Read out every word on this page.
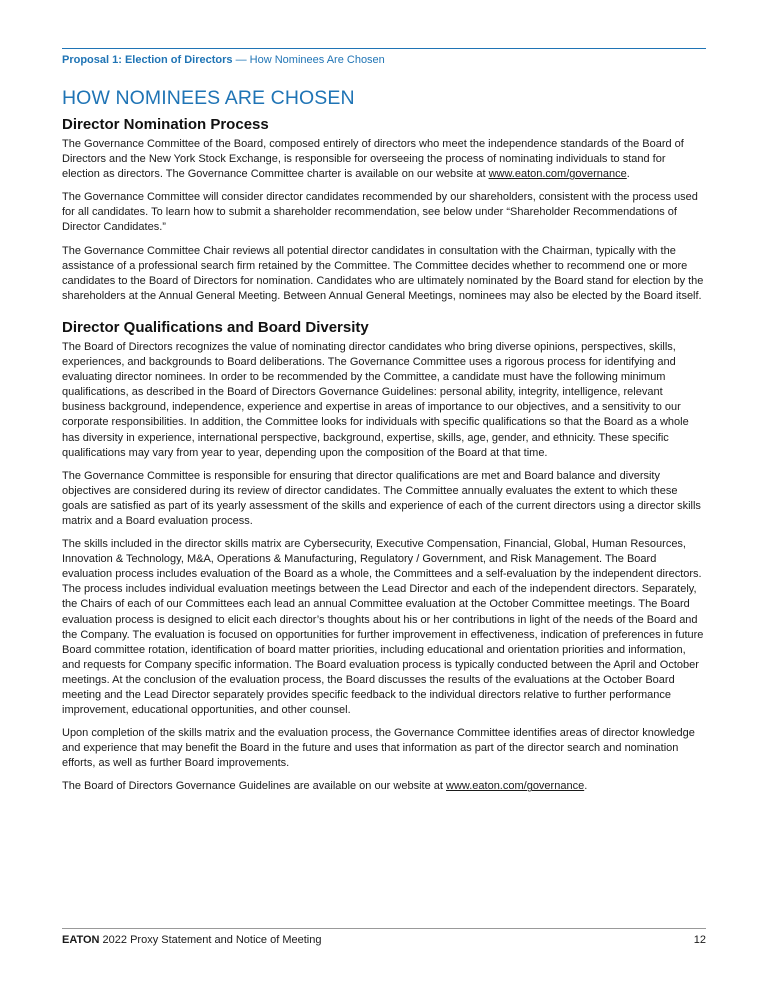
Proposal 1: Election of Directors — How Nominees Are Chosen
HOW NOMINEES ARE CHOSEN
Director Nomination Process

The Governance Committee of the Board, composed entirely of directors who meet the independence standards of the Board of Directors and the New York Stock Exchange, is responsible for overseeing the process of nominating individuals to stand for election as directors. The Governance Committee charter is available on our website at www.eaton.com/governance.

The Governance Committee will consider director candidates recommended by our shareholders, consistent with the process used for all candidates. To learn how to submit a shareholder recommendation, see below under “Shareholder Recommendations of Director Candidates.”

The Governance Committee Chair reviews all potential director candidates in consultation with the Chairman, typically with the assistance of a professional search firm retained by the Committee. The Committee decides whether to recommend one or more candidates to the Board of Directors for nomination. Candidates who are ultimately nominated by the Board stand for election by the shareholders at the Annual General Meeting. Between Annual General Meetings, nominees may also be elected by the Board itself.

Director Qualifications and Board Diversity

The Board of Directors recognizes the value of nominating director candidates who bring diverse opinions, perspectives, skills, experiences, and backgrounds to Board deliberations. The Governance Committee uses a rigorous process for identifying and evaluating director nominees. In order to be recommended by the Committee, a candidate must have the following minimum qualifications, as described in the Board of Directors Governance Guidelines: personal ability, integrity, intelligence, relevant business background, independence, experience and expertise in areas of importance to our objectives, and a sensitivity to our corporate responsibilities. In addition, the Committee looks for individuals with specific qualifications so that the Board as a whole has diversity in experience, international perspective, background, expertise, skills, age, gender, and ethnicity. These specific qualifications may vary from year to year, depending upon the composition of the Board at that time.

The Governance Committee is responsible for ensuring that director qualifications are met and Board balance and diversity objectives are considered during its review of director candidates. The Committee annually evaluates the extent to which these goals are satisfied as part of its yearly assessment of the skills and experience of each of the current directors using a director skills matrix and a Board evaluation process.

The skills included in the director skills matrix are Cybersecurity, Executive Compensation, Financial, Global, Human Resources, Innovation & Technology, M&A, Operations & Manufacturing, Regulatory / Government, and Risk Management. The Board evaluation process includes evaluation of the Board as a whole, the Committees and a self-evaluation by the independent directors. The process includes individual evaluation meetings between the Lead Director and each of the independent directors. Separately, the Chairs of each of our Committees each lead an annual Committee evaluation at the October Committee meetings. The Board evaluation process is designed to elicit each director’s thoughts about his or her contributions in light of the needs of the Board and the Company. The evaluation is focused on opportunities for further improvement in effectiveness, indication of preferences in future Board committee rotation, identification of board matter priorities, including educational and orientation priorities and information, and requests for Company specific information. The Board evaluation process is typically conducted between the April and October meetings. At the conclusion of the evaluation process, the Board discusses the results of the evaluations at the October Board meeting and the Lead Director separately provides specific feedback to the individual directors relative to further performance improvement, educational opportunities, and other counsel.

Upon completion of the skills matrix and the evaluation process, the Governance Committee identifies areas of director knowledge and experience that may benefit the Board in the future and uses that information as part of the director search and nomination efforts, as well as further Board improvements.

The Board of Directors Governance Guidelines are available on our website at www.eaton.com/governance.

EATON 2022 Proxy Statement and Notice of Meeting	12
